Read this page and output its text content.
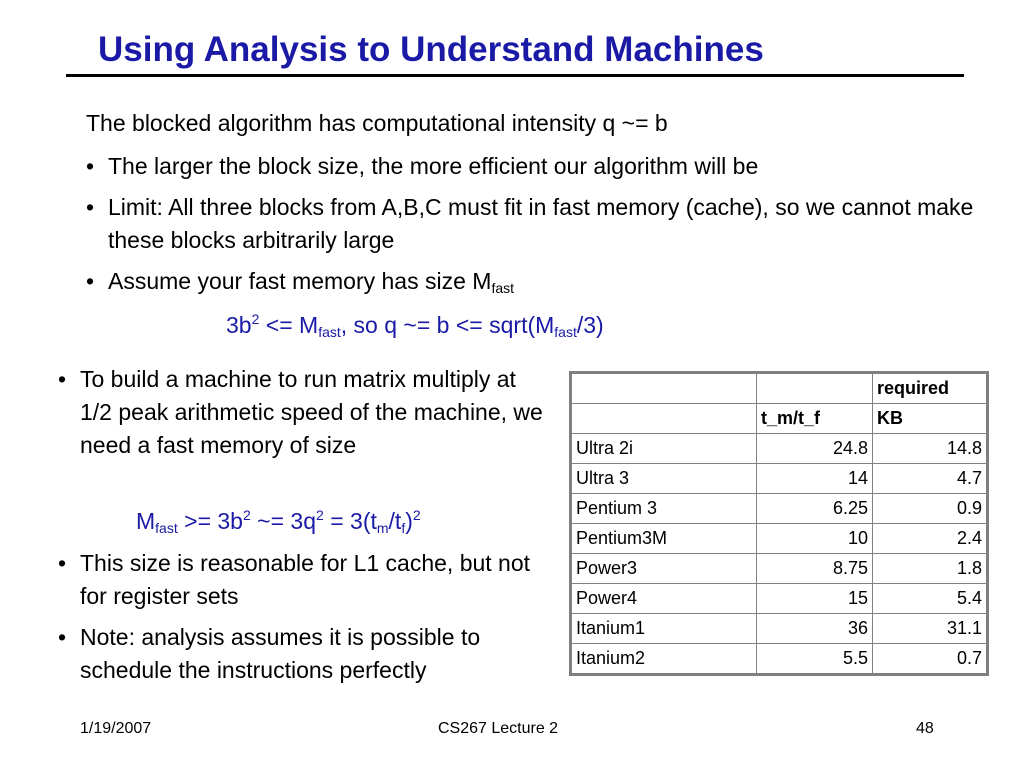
Using Analysis to Understand Machines
The blocked algorithm has computational intensity q ~= b
• The larger the block size, the more efficient our algorithm will be
• Limit: All three blocks from A,B,C must fit in fast memory (cache), so we cannot make these blocks arbitrarily large
• Assume your fast memory has size $M_{fast}$
$3b^2 <= M_{fast}$, so q ~= $b <= sqrt(M_{fast}/3)$
• To build a machine to run matrix multiply at 1/2 peak arithmetic speed of the machine, we need a fast memory of size
$M_{fast} >= 3b^2$ ~= $3q^2 = 3(t_m/t_f)^2$
• This size is reasonable for L1 cache, but not for register sets
• Note: analysis assumes it is possible to schedule the instructions perfectly
		required
	t_m/t_f	KB
Ultra 2i	24.8	14.8
Ultra 3	14	4.7
Pentium 3	6.25	0.9
Pentium3M	10	2.4
Power3	8.75	1.8
Power4	15	5.4
Itanium1	36	31.1
Itanium2	5.5	0.7
1/19/2007	CS267 Lecture 2	48
